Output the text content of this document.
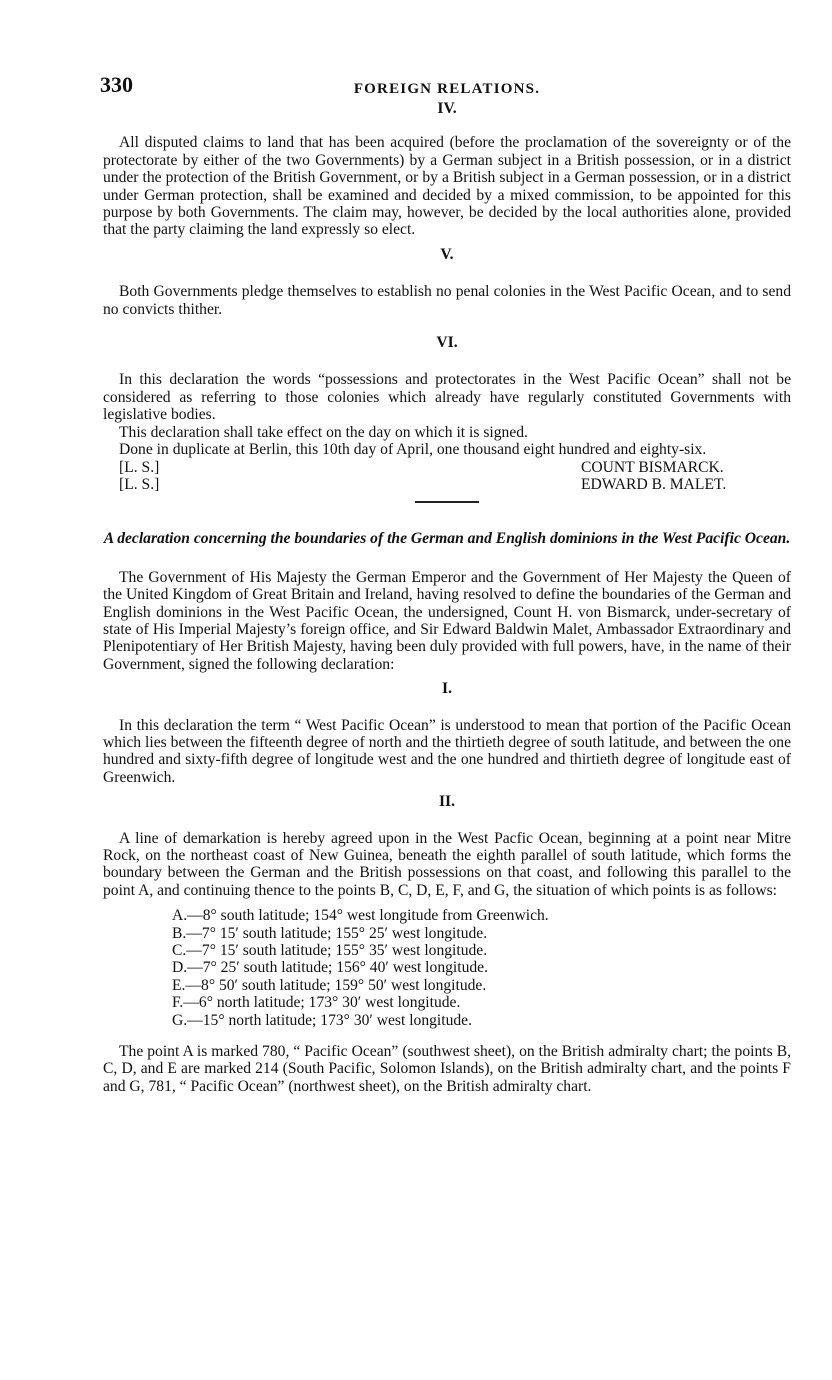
330	FOREIGN RELATIONS.
IV.

All disputed claims to land that has been acquired (before the proclamation of the sovereignty or of the protectorate by either of the two Governments) by a German subject in a British possession, or in a district under the protection of the British Government, or by a British subject in a German possession, or in a district under German protection, shall be examined and decided by a mixed commission, to be appointed for this purpose by both Governments. The claim may, however, be decided by the local authorities alone, provided that the party claiming the land expressly so elect.

V.

Both Governments pledge themselves to establish no penal colonies in the West Pacific Ocean, and to send no convicts thither.

VI.

In this declaration the words “possessions and protectorates in the West Pacific Ocean” shall not be considered as referring to those colonies which already have regularly constituted Governments with legislative bodies.

This declaration shall take effect on the day on which it is signed.

Done in duplicate at Berlin, this 10th day of April, one thousand eight hundred and eighty-six.

[L. S.]	COUNT BISMARCK.
[L. S.]	EDWARD B. MALET.
A declaration concerning the boundaries of the German and English dominions in the West Pacific Ocean.

The Government of His Majesty the German Emperor and the Government of Her Majesty the Queen of the United Kingdom of Great Britain and Ireland, having resolved to define the boundaries of the German and English dominions in the West Pacific Ocean, the undersigned, Count H. von Bismarck, under-secretary of state of His Imperial Majesty’s foreign office, and Sir Edward Baldwin Malet, Ambassador Extraordinary and Plenipotentiary of Her British Majesty, having been duly provided with full powers, have, in the name of their Government, signed the following declaration:

I.

In this declaration the term “ West Pacific Ocean” is understood to mean that portion of the Pacific Ocean which lies between the fifteenth degree of north and the thirtieth degree of south latitude, and between the one hundred and sixty-fifth degree of longitude west and the one hundred and thirtieth degree of longitude east of Greenwich.

II.

A line of demarkation is hereby agreed upon in the West Pacfic Ocean, beginning at a point near Mitre Rock, on the northeast coast of New Guinea, beneath the eighth parallel of south latitude, which forms the boundary between the German and the British possessions on that coast, and following this parallel to the point A, and continuing thence to the points B, C, D, E, F, and G, the situation of which points is as follows:

A.—8° south latitude; 154° west longitude from Greenwich.
B.—7° 15′ south latitude; 155° 25′ west longitude.
C.—7° 15′ south latitude; 155° 35′ west longitude.
D.—7° 25′ south latitude; 156° 40′ west longitude.
E.—8° 50′ south latitude; 159° 50′ west longitude.
F.—6° north latitude; 173° 30′ west longitude.
G.—15° north latitude; 173° 30′ west longitude.

The point A is marked 780, “ Pacific Ocean” (southwest sheet), on the British admiralty chart; the points B, C, D, and E are marked 214 (South Pacific, Solomon Islands), on the British admiralty chart, and the points F and G, 781, “ Pacific Ocean” (northwest sheet), on the British admiralty chart.
